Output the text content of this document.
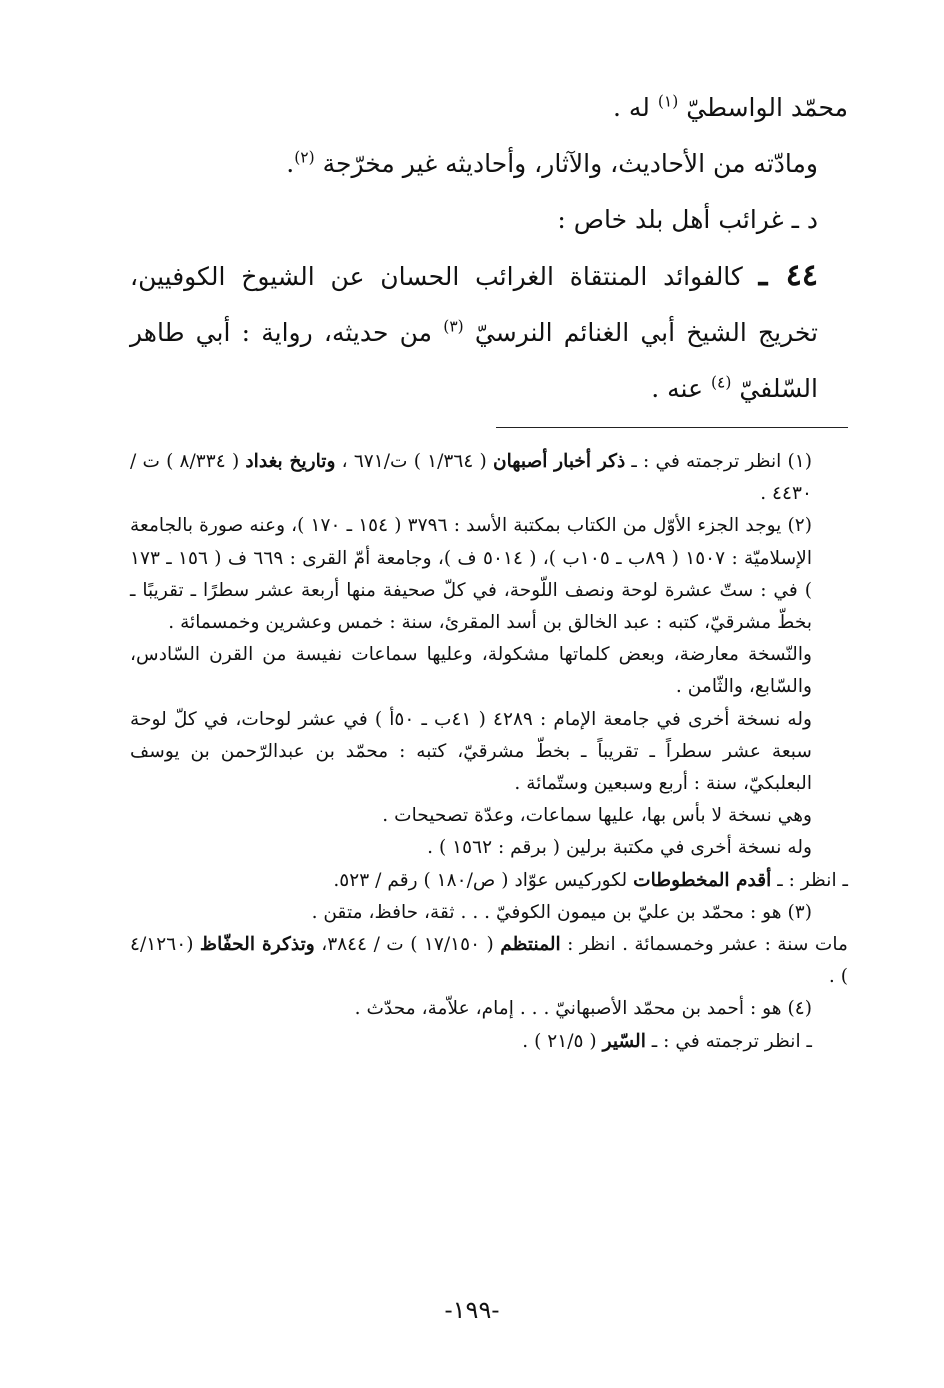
محمّد الواسطيّ $^{(١)}$ له .

ومادّته من الأحاديث، والآثار، وأحاديثه غير مخرّجة $^{(٢)}$.

د ـ غرائب أهل بلد خاص :

٤٤ ـ كالفوائد المنتقاة الغرائب الحسان عن الشيوخ الكوفيين، تخريج الشيخ أبي الغنائم النرسيّ $^{(٣)}$ من حديثه، رواية : أبي طاهر السّلفيّ $^{(٤)}$ عنه .

(١) انظر ترجمته في : ـ ذكر أخبار أصبهان ( ١/٣٦٤ ) ت/٦٧١ ، وتاريخ بغداد ( ٨/٣٣٤ ) ت / ٤٤٣٠ .

(٢) يوجد الجزء الأوّل من الكتاب بمكتبة الأسد : ٣٧٩٦ ( ١٥٤ ـ ١٧٠ )، وعنه صورة بالجامعة الإسلاميّة : ١٥٠٧ ( ٨٩ب ـ ١٠٥ب )، ( ٥٠١٤ ف )، وجامعة أمّ القرى : ٦٦٩ ف ( ١٥٦ ـ ١٧٣ ) في : ستّ عشرة لوحة ونصف اللّوحة، في كلّ صحيفة منها أربعة عشر سطرًا ـ تقريبًا ـ بخطّ مشرقيّ، كتبه : عبد الخالق بن أسد المقرئ، سنة : خمس وعشرين وخمسمائة .

والنّسخة معارضة، وبعض كلماتها مشكولة، وعليها سماعات نفيسة من القرن السّادس، والسّابع، والثّامن .

وله نسخة أخرى في جامعة الإمام : ٤٢٨٩ ( ٤١ب ـ ٥٠أ ) في عشر لوحات، في كلّ لوحة سبعة عشر سطراً ـ تقريباً ـ بخطّ مشرقيّ، كتبه : محمّد بن عبدالرّحمن بن يوسف البعلبكيّ، سنة : أربع وسبعين وستّمائة .

وهي نسخة لا بأس بها، عليها سماعات، وعدّة تصحيحات .

وله نسخة أخرى في مكتبة برلين ( برقم : ١٥٦٢ ) .

ـ انظر : ـ أقدم المخطوطات لكوركيس عوّاد ( ص/١٨٠ ) رقم / ٥٢٣.

(٣) هو : محمّد بن عليّ بن ميمون الكوفيّ . . . ثقة، حافظ، متقن .

مات سنة : عشر وخمسمائة . انظر : المنتظم ( ١٧/١٥٠ ) ت / ٣٨٤٤، وتذكرة الحفّاظ (٤/١٢٦٠ ) .

(٤) هو : أحمد بن محمّد الأصبهانيّ . . . إمام، علاّمة، محدّث .

ـ انظر ترجمته في : ـ السّير ( ٢١/٥ ) .

-١٩٩-
